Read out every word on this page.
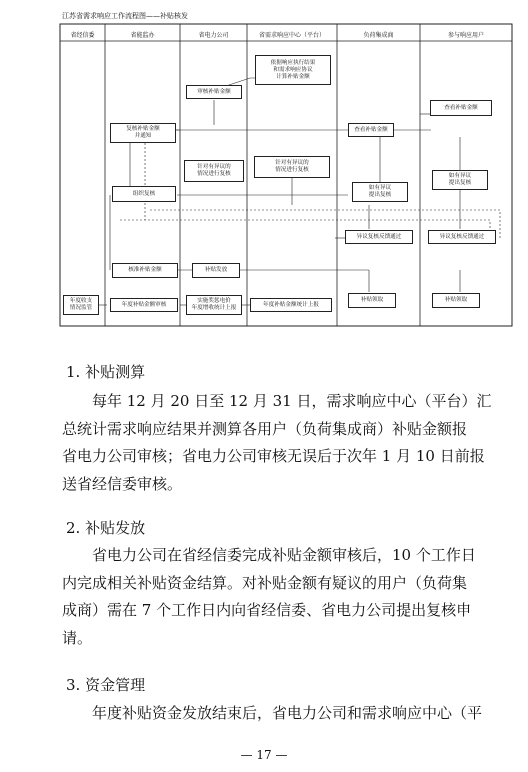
江苏省需求响应工作流程图——补贴核发
省经信委	省能监办	省电力公司	省需求响应中心（平台）	负荷集成商	参与响应用户
依据响应执行结果
和需求响应协议
计算补贴金额
审核补贴金额
复核补贴金额
并通知
查看补贴金额
查看补贴金额
针对有异议的
情况进行复核
针对有异议的
情况进行复核
组织复核
如有异议
提出复核
如有异议
提出复核
异议复核反馈通过	异议复核反馈通过
核准补贴金额	补贴发放
补贴领取	补贴领取
年度收支
情况监管
年度补贴金额审核
实施奖惩电价
年度增收统计上报
年度补贴金额统计上报
1. 补贴测算
每年 12 月 20 日至 12 月 31 日，需求响应中心（平台）汇
总统计需求响应结果并测算各用户（负荷集成商）补贴金额报
省电力公司审核；省电力公司审核无误后于次年 1 月 10 日前报
送省经信委审核。
2. 补贴发放
省电力公司在省经信委完成补贴金额审核后，10 个工作日
内完成相关补贴资金结算。对补贴金额有疑议的用户（负荷集
成商）需在 7 个工作日内向省经信委、省电力公司提出复核申
请。
3. 资金管理
年度补贴资金发放结束后，省电力公司和需求响应中心（平
— 17 —
